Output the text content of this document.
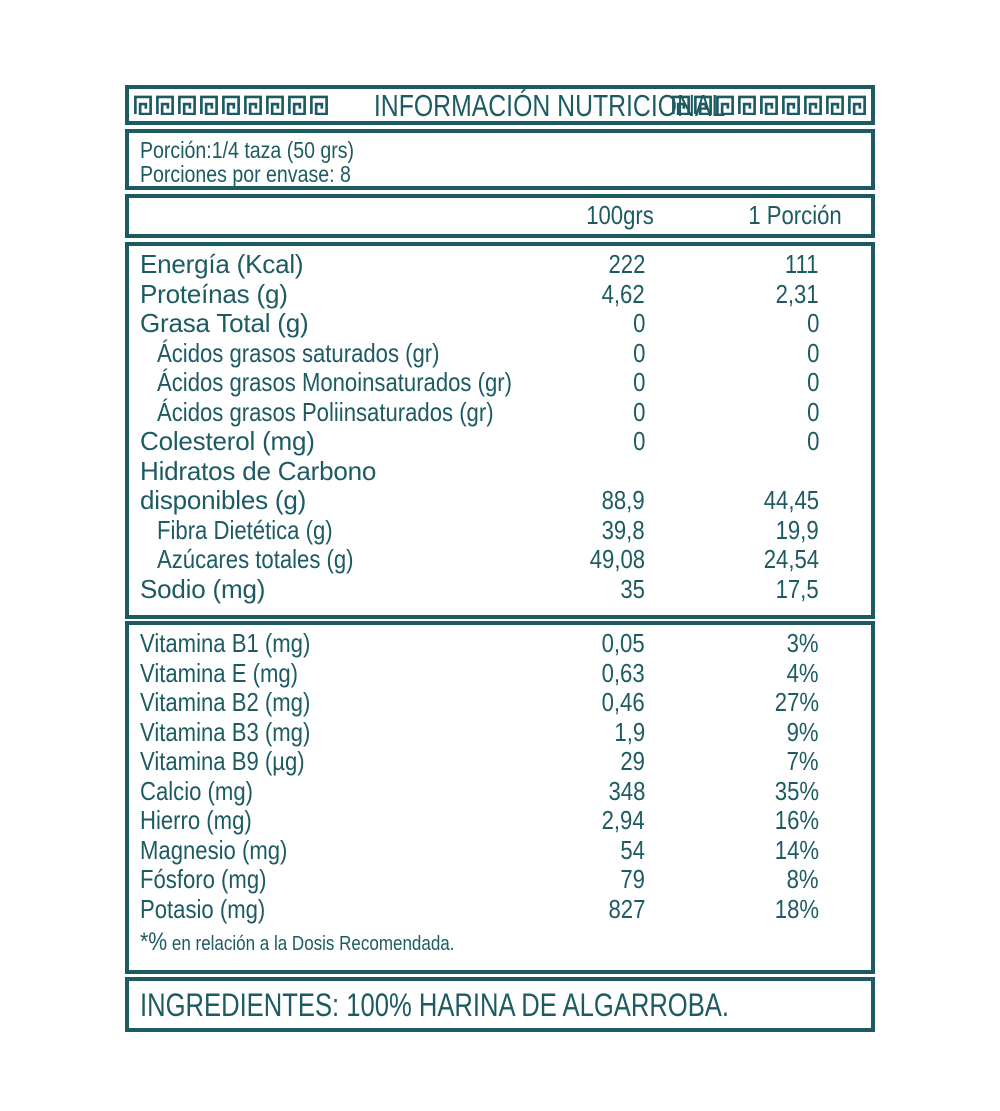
INFORMACIÓN NUTRICIONAL

Porción:1/4 taza (50 grs)

Porciones por envase: 8

100grs	1 Porción
Energía (Kcal)	222	111
Proteínas (g)	4,62	2,31
Grasa Total (g)	0	0
Ácidos grasos saturados (gr)	0	0
Ácidos grasos Monoinsaturados (gr)	0	0
Ácidos grasos Poliinsaturados (gr)	0	0
Colesterol (mg)	0	0
Hidratos de Carbono
disponibles (g)	88,9	44,45
Fibra Dietética (g)	39,8	19,9
Azúcares totales (g)	49,08	24,54
Sodio (mg)	35	17,5
Vitamina B1 (mg)	0,05	3%
Vitamina E (mg)	0,63	4%
Vitamina B2 (mg)	0,46	27%
Vitamina B3 (mg)	1,9	9%
Vitamina B9 (µg)	29	7%
Calcio (mg)	348	35%
Hierro (mg)	2,94	16%
Magnesio (mg)	54	14%
Fósforo (mg)	79	8%
Potasio (mg)	827	18%

*% en relación a la Dosis Recomendada.

INGREDIENTES: 100% HARINA DE ALGARROBA.
